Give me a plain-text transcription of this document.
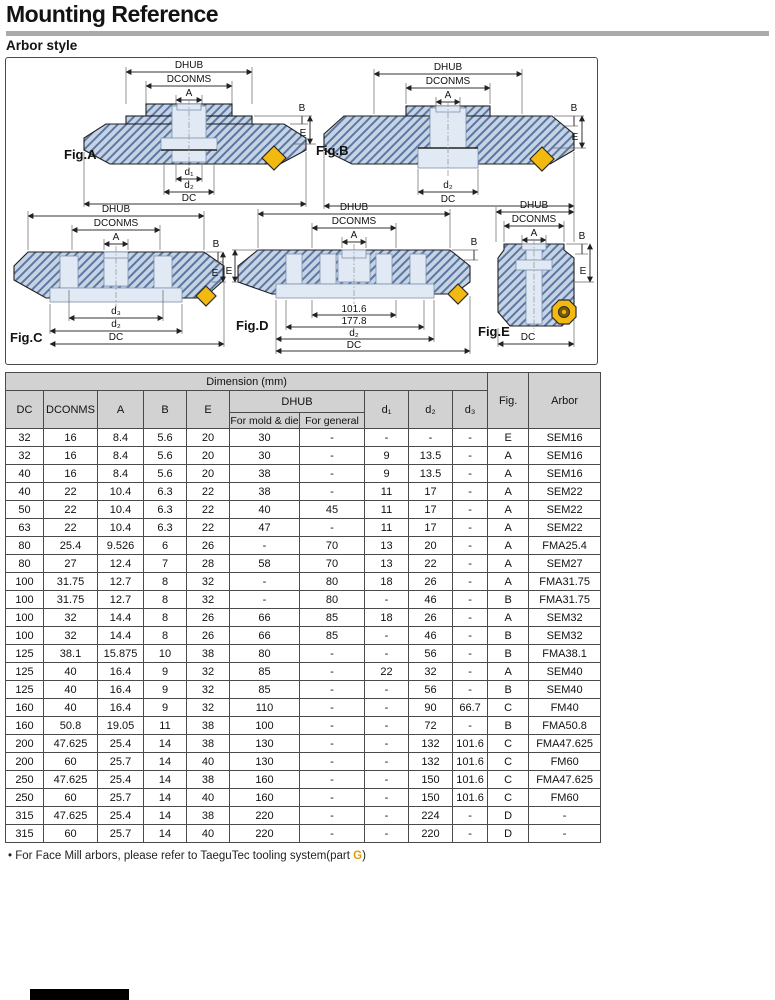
Mounting Reference
Arbor style
DHUB
DCONMS
A
Fig.A
B
E
d₁
d₂
DC
DHUB
DCONMS
A
Fig.B
B
E
d₂
DC
DHUB
DCONMS
A
Fig.C
B
E
d₃
d₂
DC
DHUB
DCONMS
A
Fig.D
B
E
101.6
177.8
d₂
DC
DHUB
DCONMS
A
Fig.E
B
E
DC
Dimension (mm)										Fig.	Arbor
DC	DCONMS	A	B	E	DHUB		d₁	d₂	d₃		
					For mold & die	For general					
32	16	8.4	5.6	20	30	-	-	-	-	E	SEM16
32	16	8.4	5.6	20	30	-	9	13.5	-	A	SEM16
40	16	8.4	5.6	20	38	-	9	13.5	-	A	SEM16
40	22	10.4	6.3	22	38	-	11	17	-	A	SEM22
50	22	10.4	6.3	22	40	45	11	17	-	A	SEM22
63	22	10.4	6.3	22	47	-	11	17	-	A	SEM22
80	25.4	9.526	6	26	-	70	13	20	-	A	FMA25.4
80	27	12.4	7	28	58	70	13	22	-	A	SEM27
100	31.75	12.7	8	32	-	80	18	26	-	A	FMA31.75
100	31.75	12.7	8	32	-	80	-	46	-	B	FMA31.75
100	32	14.4	8	26	66	85	18	26	-	A	SEM32
100	32	14.4	8	26	66	85	-	46	-	B	SEM32
125	38.1	15.875	10	38	80	-	-	56	-	B	FMA38.1
125	40	16.4	9	32	85	-	22	32	-	A	SEM40
125	40	16.4	9	32	85	-	-	56	-	B	SEM40
160	40	16.4	9	32	110	-	-	90	66.7	C	FM40
160	50.8	19.05	11	38	100	-	-	72	-	B	FMA50.8
200	47.625	25.4	14	38	130	-	-	132	101.6	C	FMA47.625
200	60	25.7	14	40	130	-	-	132	101.6	C	FM60
250	47.625	25.4	14	38	160	-	-	150	101.6	C	FMA47.625
250	60	25.7	14	40	160	-	-	150	101.6	C	FM60
315	47.625	25.4	14	38	220	-	-	224	-	D	-
315	60	25.7	14	40	220	-	-	220	-	D	-
• For Face Mill arbors, please refer to TaeguTec tooling system(part G)
